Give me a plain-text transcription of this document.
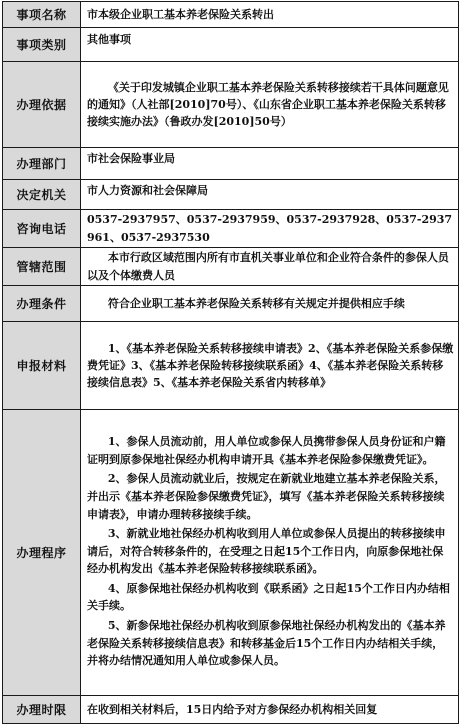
事项名称	市本级企业职工基本养老保险关系转出
事项类别	其他事项
办理依据	《关于印发城镇企业职工基本养老保险关系转移接续若干具体问题意见的通知》（人社部[2010]70号）、《山东省企业职工基本养老保险关系转移接续实施办法》（鲁政办发[2010]50号）

办理部门	市社会保险事业局
决定机关	市人力资源和社会保障局
咨询电话	0537-2937957、0537-2937959、0537-2937928、0537-2937961、0537-2937530
管辖范围	本市行政区域范围内所有市直机关事业单位和企业符合条件的参保人员以及个体缴费人员

办理条件	符合企业职工基本养老保险关系转移有关规定并提供相应手续

申报材料	1、《基本养老保险关系转移接续申请表》2、《基本养老保险关系参保缴费凭证》3、《基本养老保险转移接续联系函》4、《基本养老保险关系转移接续信息表》5、《基本养老保险关系省内转移单》

办理程序	1、参保人员流动前，用人单位或参保人员携带参保人员身份证和户籍证明到原参保地社保经办机构申请开具《基本养老保险参保缴费凭证》。

2、参保人员流动就业后，按规定在新就业地建立基本养老保险关系，并出示《基本养老保险参保缴费凭证》，填写《基本养老保险关系转移接续申请表》，申请办理转移接续手续。

3、新就业地社保经办机构收到用人单位或参保人员提出的转移接续申请后，对符合转移条件的，在受理之日起15个工作日内，向原参保地社保经办机构发出《基本养老保险转移接续联系函》。

4、原参保地社保经办机构收到《联系函》之日起15个工作日内办结相关手续。

5、新参保地社保经办机构收到原参保地社保经办机构发出的《基本养老保险关系转移接续信息表》和转移基金后15个工作日内办结相关手续，并将办结情况通知用人单位或参保人员。

办理时限	在收到相关材料后，15日内给予对方参保经办机构相关回复
